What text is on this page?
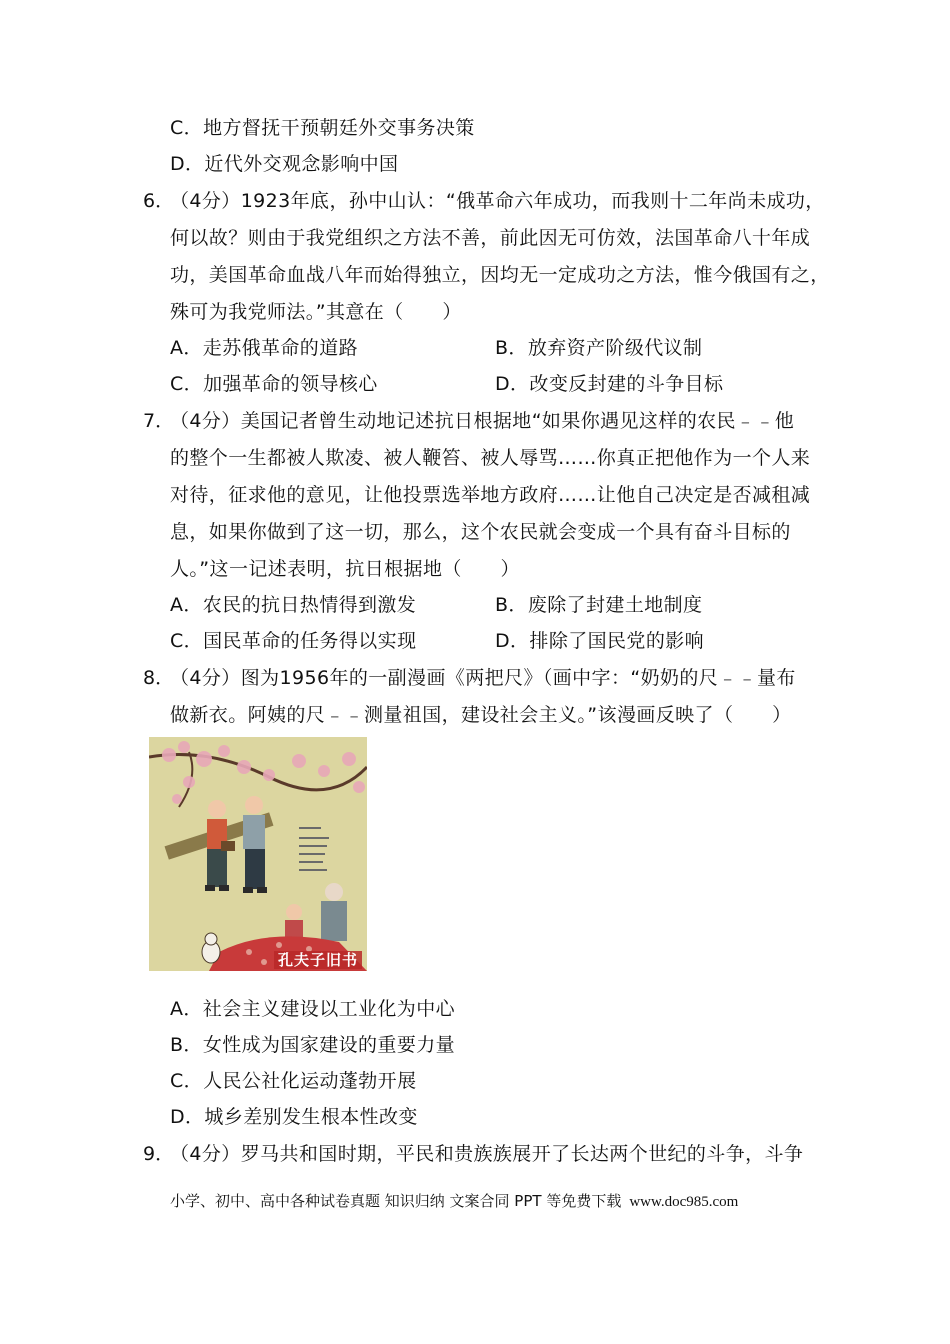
C．地方督抚干预朝廷外交事务决策
D．近代外交观念影响中国
6．
（4分）1923年底，孙中山认：“俄革命六年成功，而我则十二年尚未成功，
何以故？则由于我党组织之方法不善，前此因无可仿效，法国革命八十年成
功，美国革命血战八年而始得独立，因均无一定成功之方法，惟今俄国有之，
殊可为我党师法。”其意在（　　）
A．走苏俄革命的道路	B．放弃资产阶级代议制
C．加强革命的领导核心	D．改变反封建的斗争目标
7．
（4分）美国记者曾生动地记述抗日根据地“如果你遇见这样的农民﹣﹣他
的整个一生都被人欺凌、被人鞭笞、被人辱骂……你真正把他作为一个人来
对待，征求他的意见，让他投票选举地方政府……让他自己决定是否减租减
息，如果你做到了这一切，那么，这个农民就会变成一个具有奋斗目标的
人。”这一记述表明，抗日根据地（　　）
A．农民的抗日热情得到激发	B．废除了封建土地制度
C．国民革命的任务得以实现	D．排除了国民党的影响
8．
（4分）图为1956年的一副漫画《两把尺》（画中字：“奶奶的尺﹣﹣量布
做新衣。阿姨的尺﹣﹣测量祖国，建设社会主义。”该漫画反映了（　　）
孔夫子旧书
A．社会主义建设以工业化为中心
B．女性成为国家建设的重要力量
C．人民公社化运动蓬勃开展
D．城乡差别发生根本性改变
9．
（4分）罗马共和国时期，平民和贵族族展开了长达两个世纪的斗争，斗争
小学、初中、高中各种试卷真题 知识归纳 文案合同 PPT 等免费下载 www.doc985.com
